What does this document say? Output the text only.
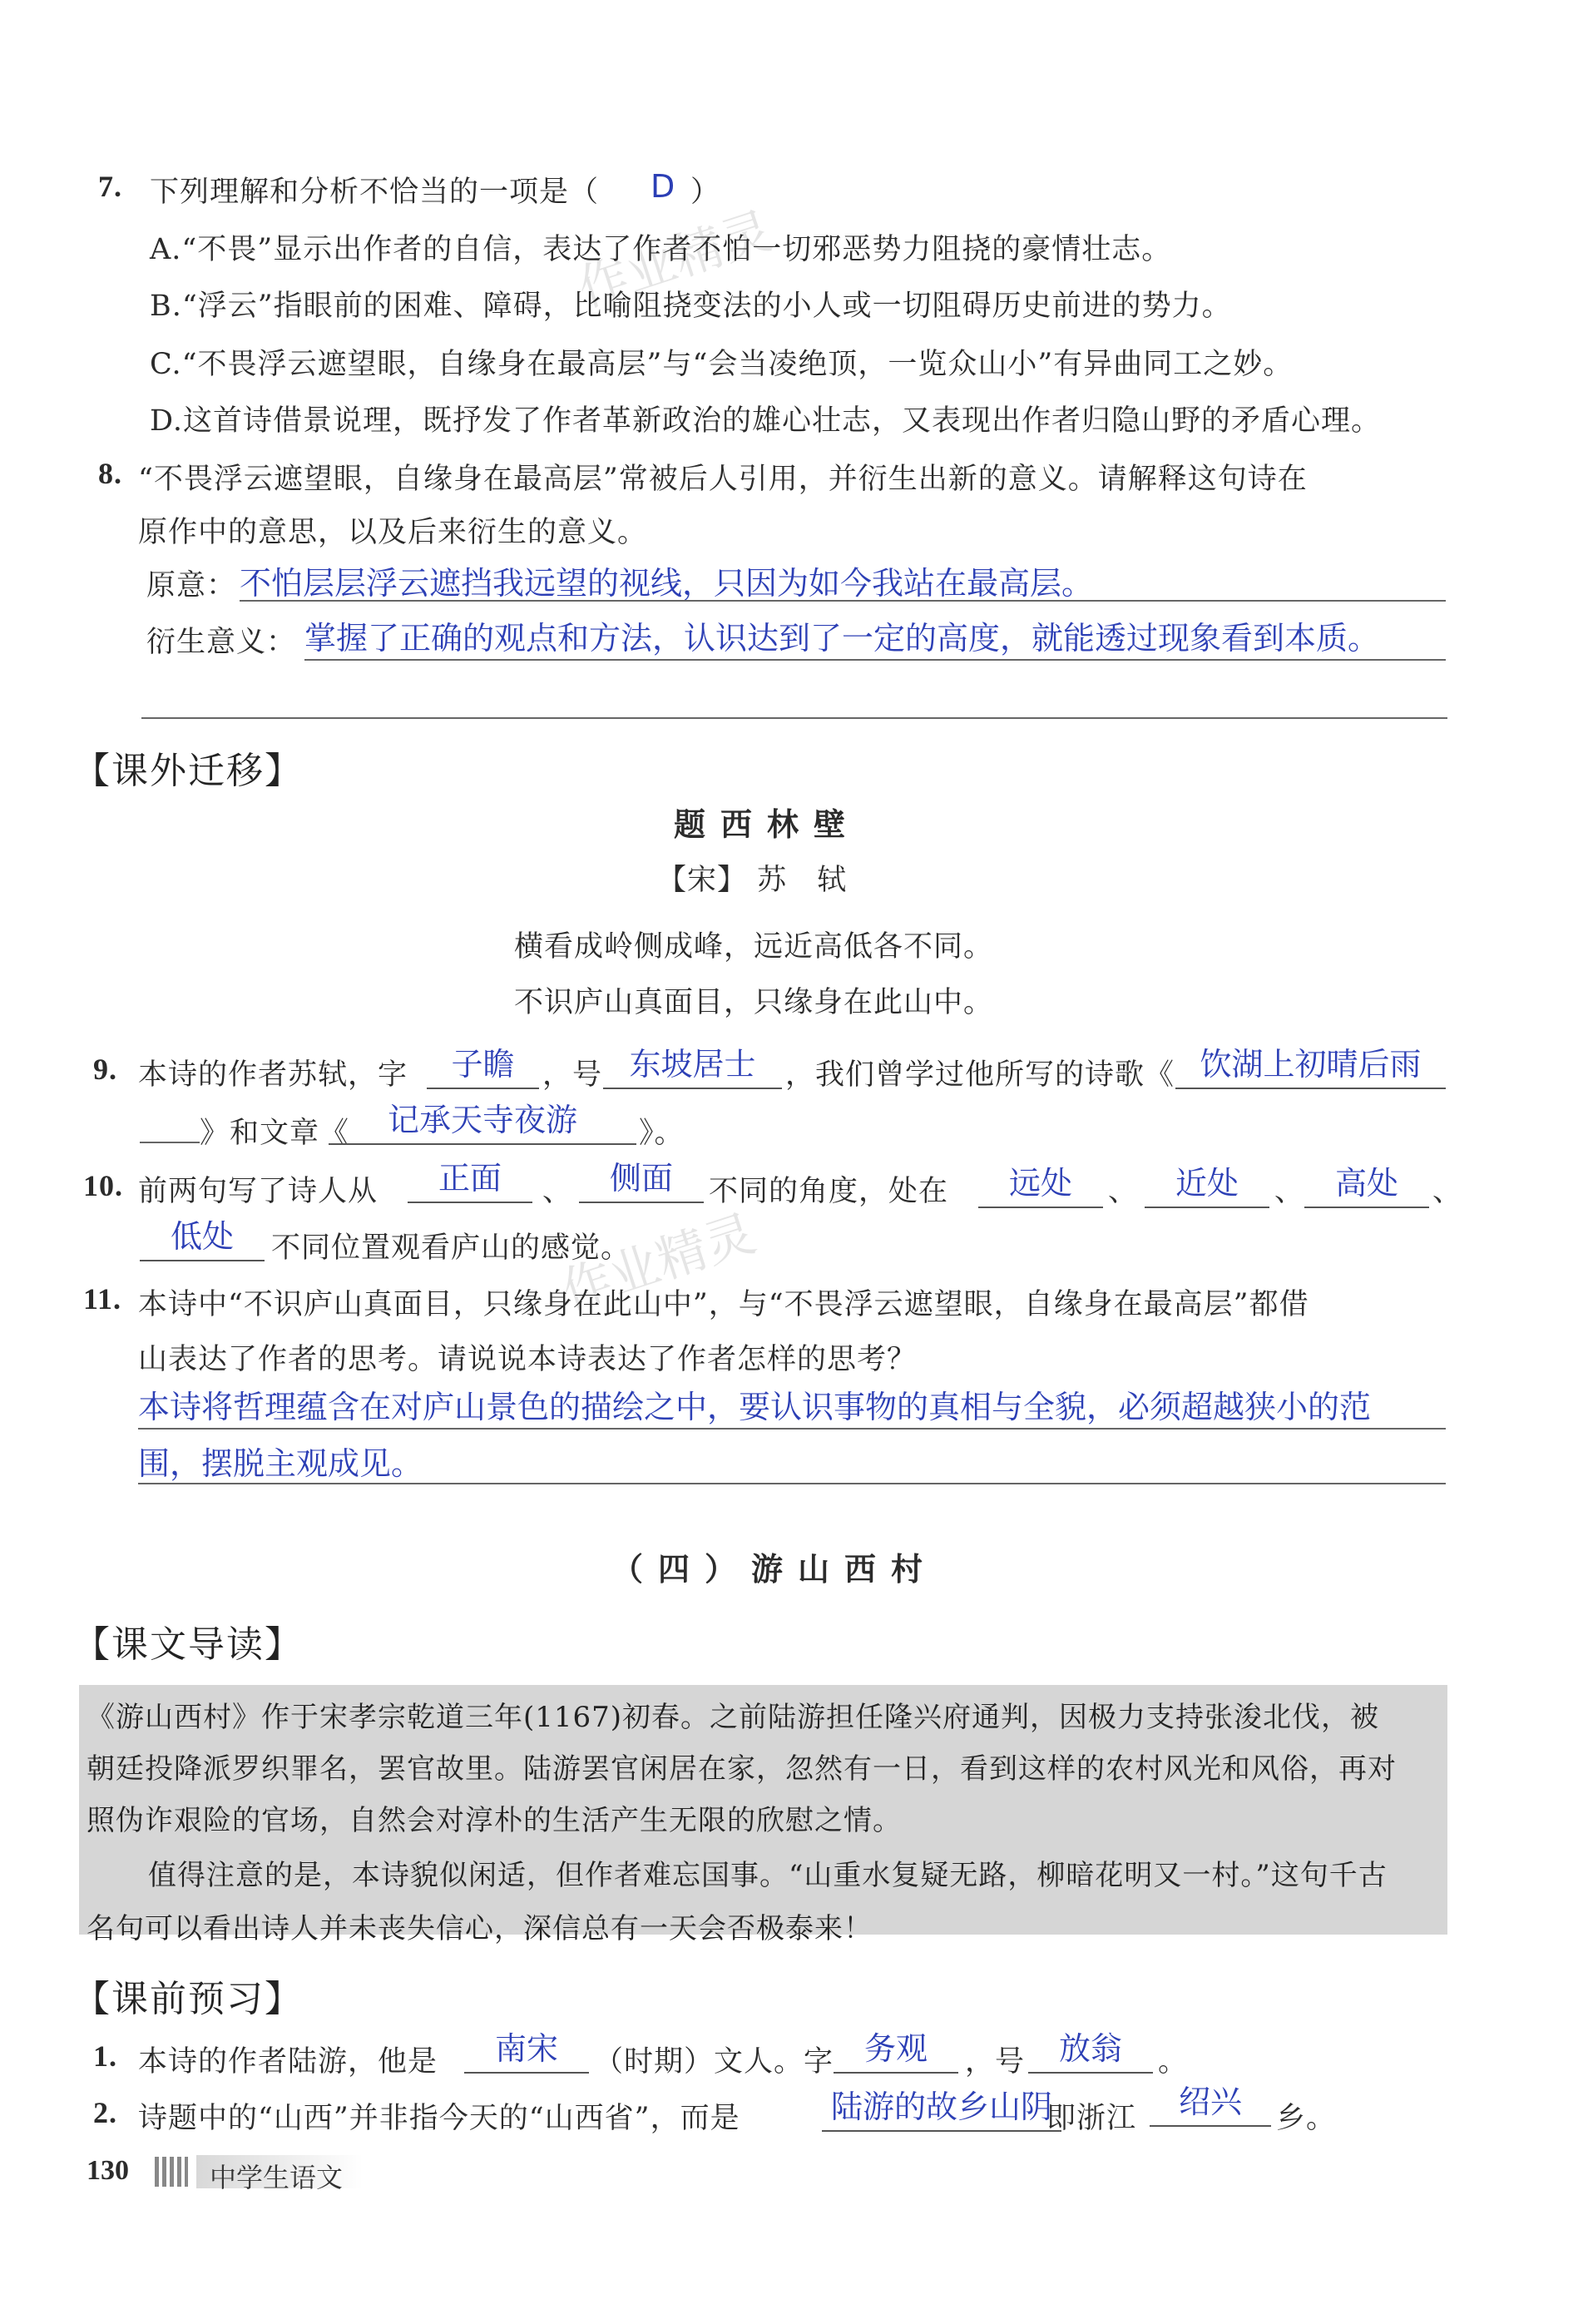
作业精灵
作业精灵
7. 下列理解和分析不恰当的一项是（ D ）
A.“不畏”显示出作者的自信，表达了作者不怕一切邪恶势力阻挠的豪情壮志。
B.“浮云”指眼前的困难、障碍，比喻阻挠变法的小人或一切阻碍历史前进的势力。
C.“不畏浮云遮望眼，自缘身在最高层”与“会当凌绝顶，一览众山小”有异曲同工之妙。
D.这首诗借景说理，既抒发了作者革新政治的雄心壮志，又表现出作者归隐山野的矛盾心理。
8. “不畏浮云遮望眼，自缘身在最高层”常被后人引用，并衍生出新的意义。请解释这句诗在
原作中的意思，以及后来衍生的意义。
原意： 不怕层层浮云遮挡我远望的视线，只因为如今我站在最高层。
衍生意义： 掌握了正确的观点和方法，认识达到了一定的高度，就能透过现象看到本质。
【课外迁移】
题西林壁
【宋】 苏　轼
横看成岭侧成峰，远近高低各不同。
不识庐山真面目，只缘身在此山中。
9. 本诗的作者苏轼，字	子瞻 ，号 东坡居士	，我们曾学过他所写的诗歌《 饮湖上初晴后雨
》和文章《	记承天寺夜游	》。
10. 前两句写了诗人从	正面	、	侧面	不同的角度，处在	远处	、	近处	、 高处	、
低处	不同位置观看庐山的感觉。
11. 本诗中“不识庐山真面目，只缘身在此山中”，与“不畏浮云遮望眼，自缘身在最高层”都借
山表达了作者的思考。请说说本诗表达了作者怎样的思考？
本诗将哲理蕴含在对庐山景色的描绘之中，要认识事物的真相与全貌，必须超越狭小的范
围，摆脱主观成见。
（四）游山西村
【课文导读】
《游山西村》作于宋孝宗乾道三年(1167)初春。之前陆游担任隆兴府通判，因极力支持张浚北伐，被
朝廷投降派罗织罪名，罢官故里。陆游罢官闲居在家，忽然有一日，看到这样的农村风光和风俗，再对
照伪诈艰险的官场，自然会对淳朴的生活产生无限的欣慰之情。
值得注意的是，本诗貌似闲适，但作者难忘国事。“山重水复疑无路，柳暗花明又一村。”这句千古
名句可以看出诗人并未丧失信心，深信总有一天会否极泰来！
【课前预习】
1. 本诗的作者陆游，他是	南宋	（时期）文人。字 务观	，号	放翁	。
2. 诗题中的“山西”并非指今天的“山西省”，而是	陆游的故乡山阴
即浙江	绍兴	乡。
130	中学生语文
